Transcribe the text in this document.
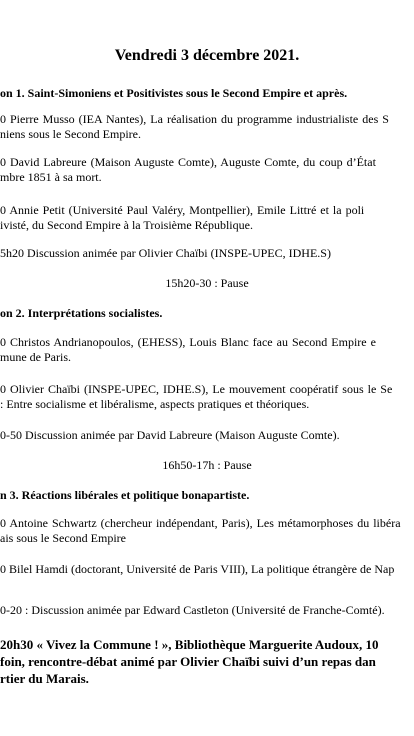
Vendredi 3 décembre 2021.
on 1. Saint-Simoniens et Positivistes sous le Second Empire et après.
0 Pierre Musso (IEA Nantes), La réalisation du programme industrialiste des S
niens sous le Second Empire.
0 David Labreure (Maison Auguste Comte), Auguste Comte, du coup d’État
mbre 1851 à sa mort.
0 Annie Petit (Université Paul Valéry, Montpellier), Emile Littré et la poli
ivisté, du Second Empire à la Troisième République.
5h20 Discussion animée par Olivier Chaïbi (INSPE-UPEC, IDHE.S)
15h20-30 : Pause
on 2. Interprétations socialistes.
0 Christos Andrianopoulos, (EHESS), Louis Blanc face au Second Empire e
mune de Paris.
0 Olivier Chaïbi (INSPE-UPEC, IDHE.S), Le mouvement coopératif sous le Se
: Entre socialisme et libéralisme, aspects pratiques et théoriques.
0-50 Discussion animée par David Labreure (Maison Auguste Comte).
16h50-17h : Pause
n 3. Réactions libérales et politique bonapartiste.
0 Antoine Schwartz (chercheur indépendant, Paris), Les métamorphoses du libéra
ais sous le Second Empire
0 Bilel Hamdi (doctorant, Université de Paris VIII), La politique étrangère de Nap
0-20 : Discussion animée par Edward Castleton (Université de Franche-Comté).
20h30 « Vivez la Commune ! », Bibliothèque Marguerite Audoux, 10
foin, rencontre-débat animé par Olivier Chaïbi suivi d’un repas dan
rtier du Marais.
